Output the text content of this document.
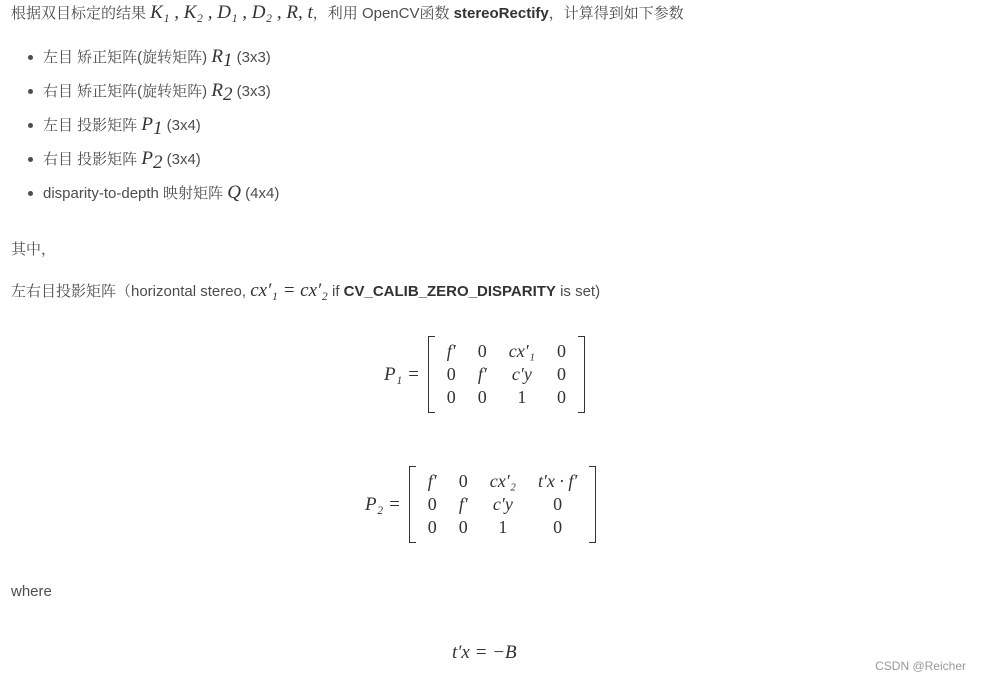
根据双目标定的结果 K₁ , K₂ , D₁ , D₂ , R, t，利用 OpenCV函数 stereoRectify，计算得到如下参数
左目 矫正矩阵(旋转矩阵) $R_1$ (3x3)
右目 矫正矩阵(旋转矩阵) $R_2$ (3x3)
左目 投影矩阵 $P_1$ (3x4)
右目 投影矩阵 $P_2$ (3x4)
disparity-to-depth 映射矩阵 Q (4x4)
其中，
左右目投影矩阵（horizontal stereo, cx′₁ = cx′₂ if CV_CALIB_ZERO_DISPARITY is set)
P₁ =
f′	0	cx′₁	0
0	f′	c′y	0
0	0	1	0
P₂ =
f′	0	cx′₂	t′x · f′
0	f′	c′y	0
0	0	1	0
where
t′x = −B
CSDN @Reicher
